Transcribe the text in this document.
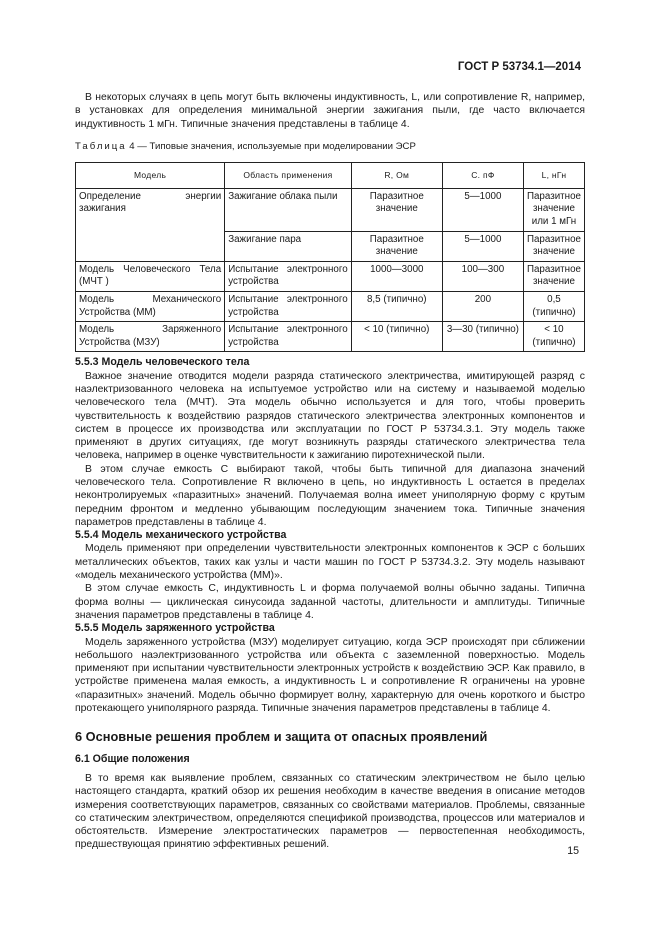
ГОСТ Р 53734.1—2014

В некоторых случаях в цепь могут быть включены индуктивность, L, или сопротивление R, например, в установках для определения минимальной энергии зажигания пыли, где часто включается индуктивность 1 мГн. Типичные значения представлены в таблице 4.

Таблица 4 — Типовые значения, используемые при моделировании ЭСР
Модель	Область применения	R, Ом	C. пФ	L, нГн
Определение энергии зажигания	Зажигание облака пыли	Паразитное значение	5—1000	Паразитное значение или 1 мГн
	Зажигание пара	Паразитное значение	5—1000	Паразитное значение
Модель Человеческого Тела (МЧТ )	Испытание электронного устройства	1000—3000	100—300	Паразитное значение
Модель Механического Устройства (ММ)	Испытание электронного устройства	8,5 (типично)	200	0,5 (типично)
Модель Заряженного Устройства (МЗУ)	Испытание электронного устройства	< 10 (типично)	3—30 (типично)	< 10 (типично)
5.5.3 Модель человеческого тела

Важное значение отводится модели разряда статического электричества, имитирующей разряд с наэлектризованного человека на испытуемое устройство или на систему и называемой моделью человеческого тела (МЧТ). Эта модель обычно используется и для того, чтобы проверить чувствительность к воздействию разрядов статического электричества электронных компонентов и систем в процессе их производства или эксплуатации по ГОСТ Р 53734.3.1. Эту модель также применяют в других ситуациях, где могут возникнуть разряды статического электричества тела человека, например в оценке чувствительности к зажиганию пиротехнической пыли.

В этом случае емкость C выбирают такой, чтобы быть типичной для диапазона значений человеческого тела. Сопротивление R включено в цепь, но индуктивность L остается в пределах неконтролируемых «паразитных» значений. Получаемая волна имеет униполярную форму с крутым передним фронтом и медленно убывающим последующим значением тока. Типичные значения параметров представлены в таблице 4.

5.5.4 Модель механического устройства

Модель применяют при определении чувствительности электронных компонентов к ЭСР с больших металлических объектов, таких как узлы и части машин по ГОСТ Р 53734.3.2. Эту модель называют «модель механического устройства (ММ)».

В этом случае емкость C, индуктивность L и форма получаемой волны обычно заданы. Типична форма волны — циклическая синусоида заданной частоты, длительности и амплитуды. Типичные значения параметров представлены в таблице 4.

5.5.5 Модель заряженного устройства

Модель заряженного устройства (МЗУ) моделирует ситуацию, когда ЭСР происходят при сближении небольшого наэлектризованного устройства или объекта с заземленной поверхностью. Модель применяют при испытании чувствительности электронных устройств к воздействию ЭСР. Как правило, в устройстве применена малая емкость, а индуктивность L и сопротивление R ограничены на уровне «паразитных» значений. Модель обычно формирует волну, характерную для очень короткого и быстро протекающего униполярного разряда. Типичные значения параметров представлены в таблице 4.

6 Основные решения проблем и защита от опасных проявлений
6.1 Общие положения

В то время как выявление проблем, связанных со статическим электричеством не было целью настоящего стандарта, краткий обзор их решения необходим в качестве введения в описание методов измерения соответствующих параметров, связанных со свойствами материалов. Проблемы, связанные со статическим электричеством, определяются спецификой производства, процессов или материалов и обстоятельств. Измерение электростатических параметров — первостепенная необходимость, предшествующая принятию эффективных решений.

15
